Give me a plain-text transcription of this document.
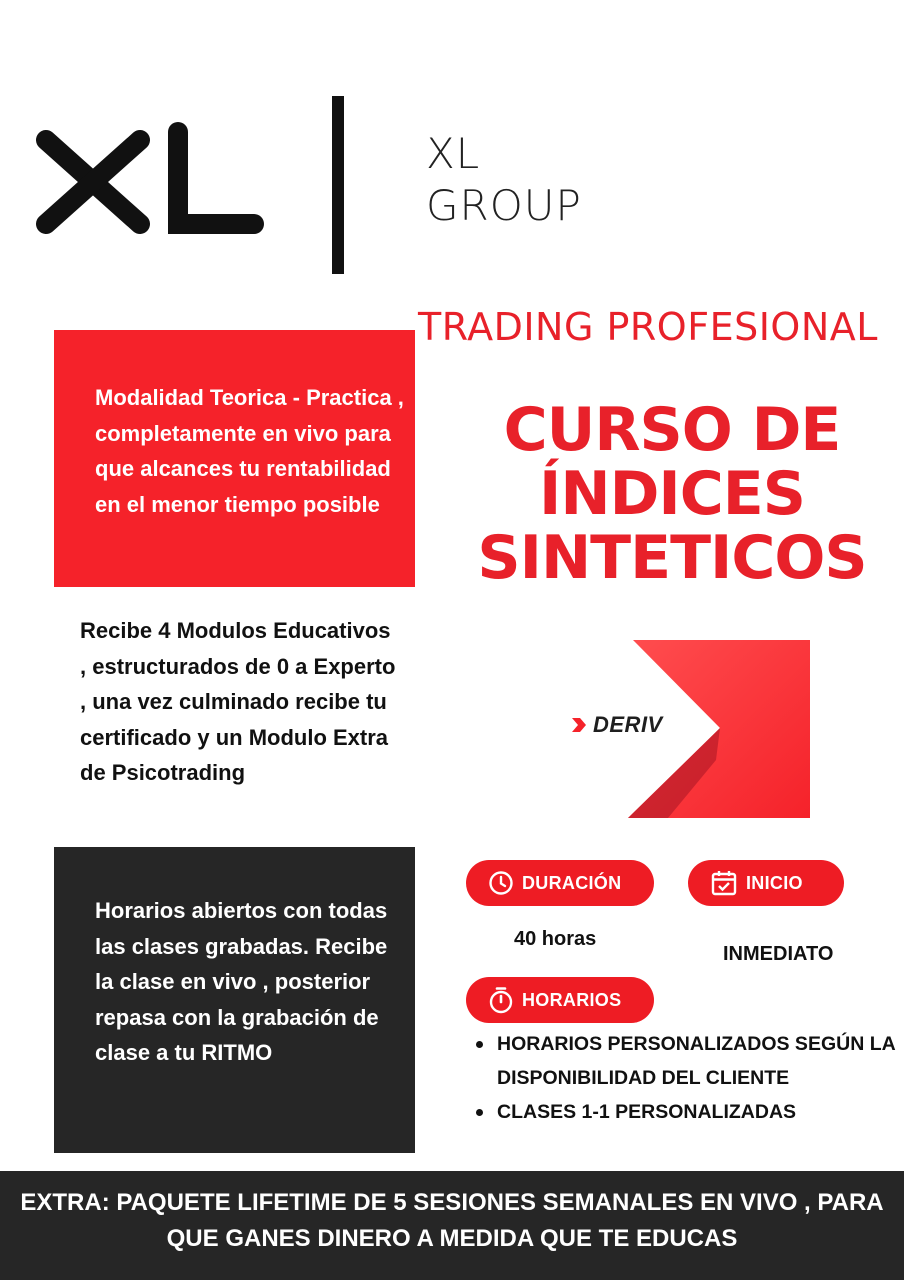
XL
GROUP
TRADING PROFESIONAL
CURSO DE
ÍNDICES
SINTETICOS
Modalidad Teorica - Practica , completamente en vivo para que alcances tu rentabilidad en el menor tiempo posible
Recibe 4 Modulos Educativos , estructurados de 0 a Experto , una vez culminado recibe tu certificado y un Modulo Extra de Psicotrading
Horarios abiertos con todas las clases grabadas. Recibe la clase en vivo , posterior repasa con la grabación de clase a tu RITMO
DERIV
DURACIÓN	INICIO
HORARIOS
40 horas
INMEDIATO
HORARIOS PERSONALIZADOS SEGÚN LA DISPONIBILIDAD DEL CLIENTE
CLASES 1-1 PERSONALIZADAS
EXTRA: PAQUETE LIFETIME DE 5 SESIONES SEMANALES EN VIVO , PARA QUE GANES DINERO A MEDIDA QUE TE EDUCAS
